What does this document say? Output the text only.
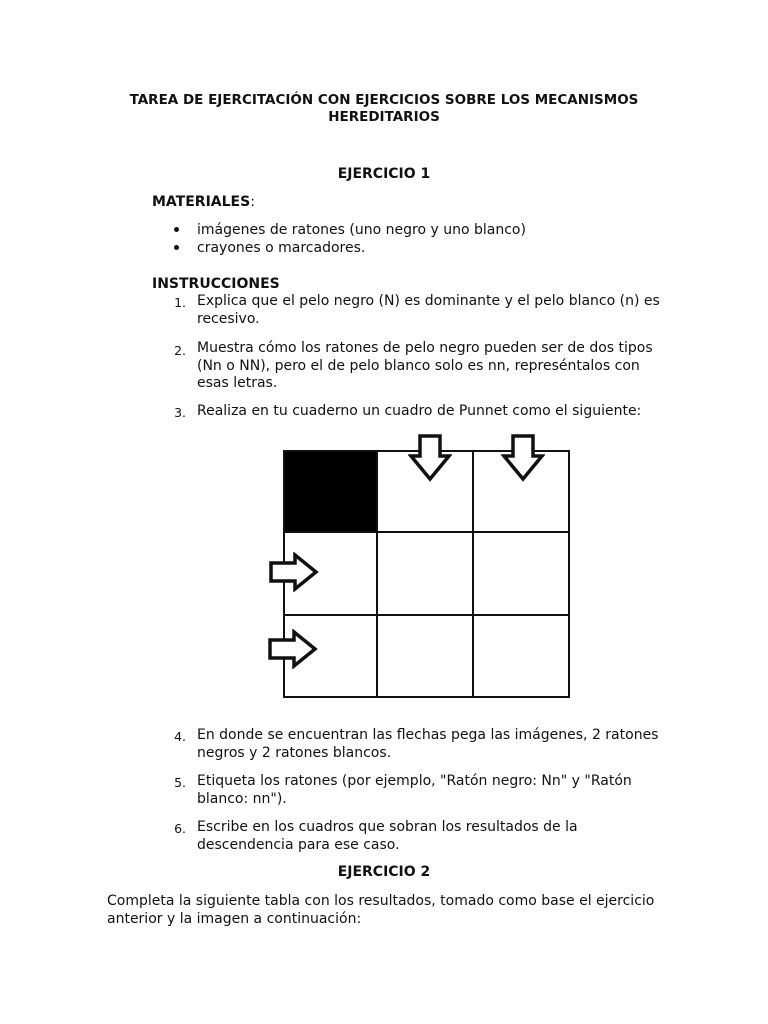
TAREA DE EJERCITACIÓN CON EJERCICIOS SOBRE LOS MECANISMOS
HEREDITARIOS
EJERCICIO 1
MATERIALES:
imágenes de ratones (uno negro y uno blanco)
crayones o marcadores.
INSTRUCCIONES
1. Explica que el pelo negro (N) es dominante y el pelo blanco (n) es
recesivo.
2. Muestra cómo los ratones de pelo negro pueden ser de dos tipos
(Nn o NN), pero el de pelo blanco solo es nn, represéntalos con
esas letras.
3. Realiza en tu cuaderno un cuadro de Punnet como el siguiente:
4. En donde se encuentran las flechas pega las imágenes, 2 ratones
negros y 2 ratones blancos.
5. Etiqueta los ratones (por ejemplo, "Ratón negro: Nn" y "Ratón
blanco: nn").
6. Escribe en los cuadros que sobran los resultados de la
descendencia para ese caso.
EJERCICIO 2
Completa la siguiente tabla con los resultados, tomado como base el ejercicio
anterior y la imagen a continuación:
